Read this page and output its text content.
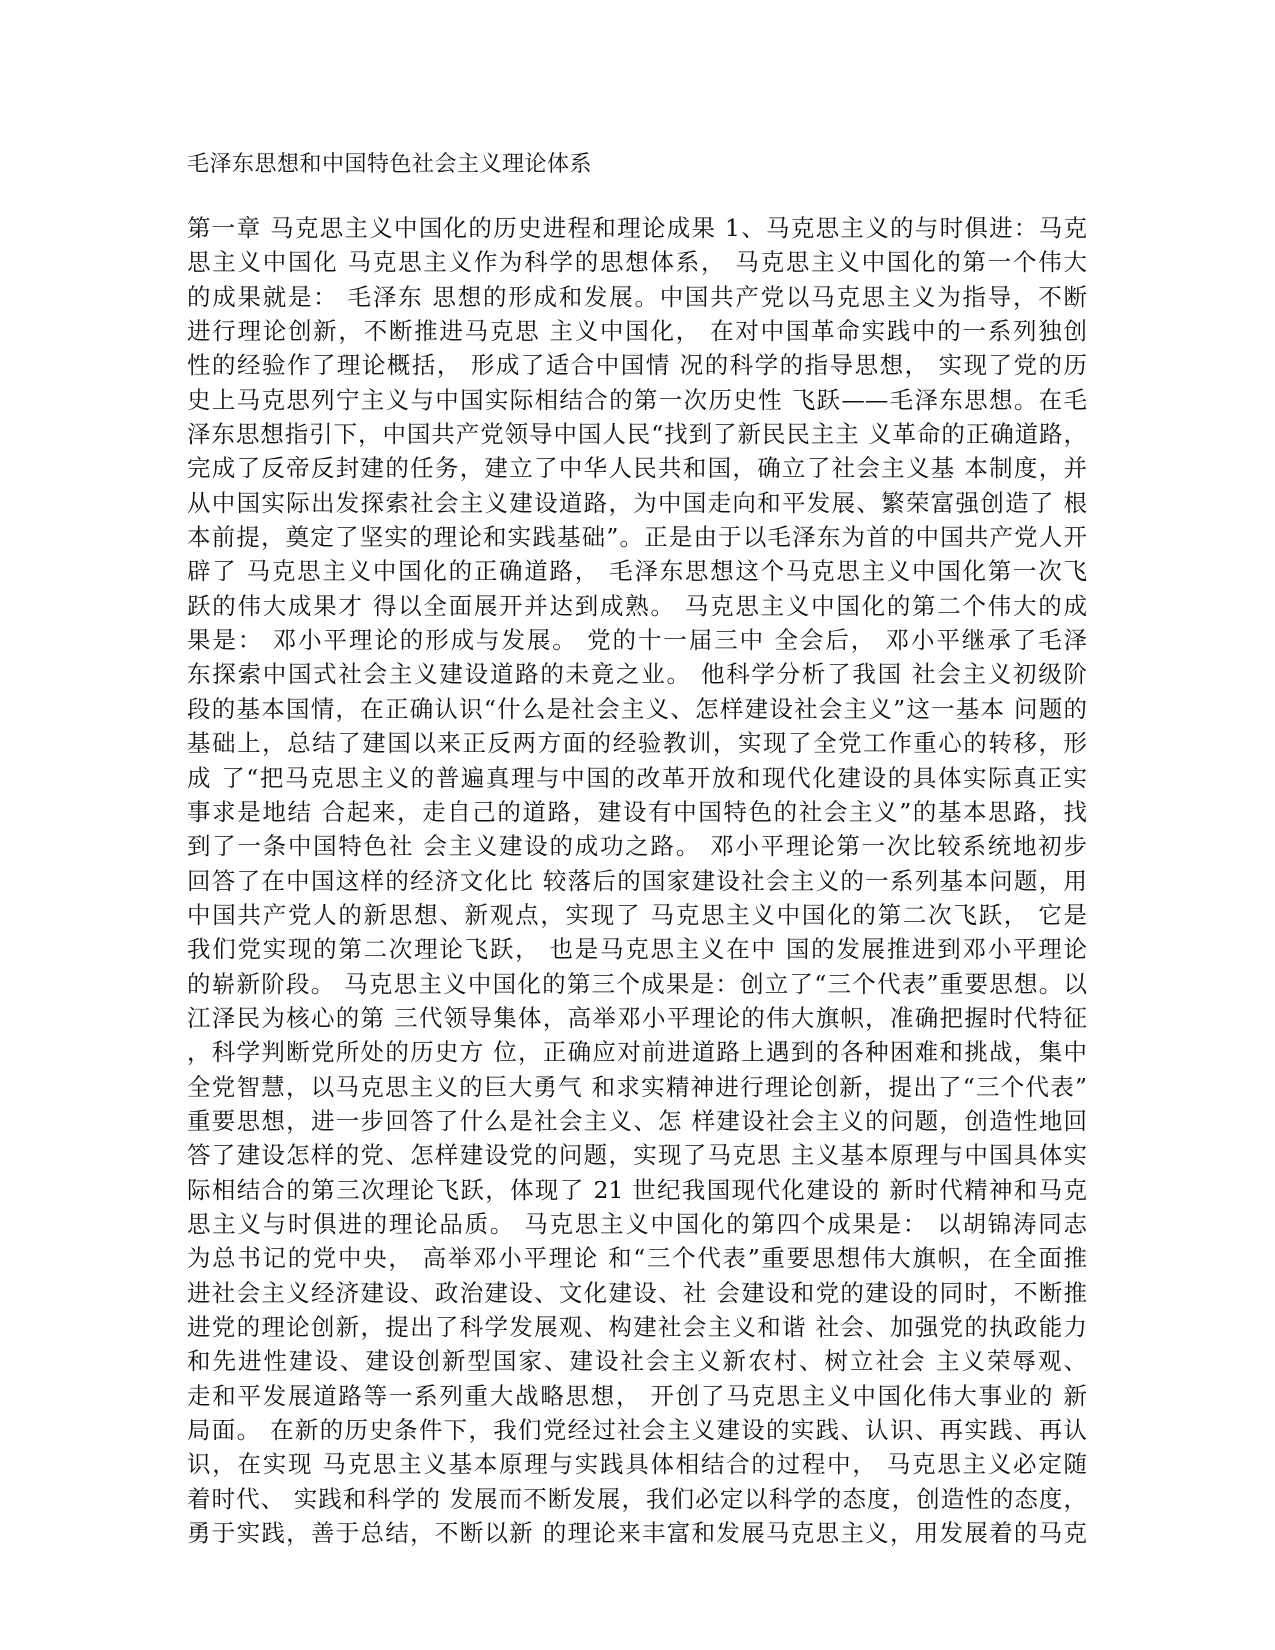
毛泽东思想和中国特色社会主义理论体系
第一章 马克思主义中国化的历史进程和理论成果 1、马克思主义的与时俱进：马克
思主义中国化 马克思主义作为科学的思想体系， 马克思主义中国化的第一个伟大
的成果就是： 毛泽东 思想的形成和发展。中国共产党以马克思主义为指导，不断
进行理论创新，不断推进马克思 主义中国化， 在对中国革命实践中的一系列独创
性的经验作了理论概括， 形成了适合中国情 况的科学的指导思想， 实现了党的历
史上马克思列宁主义与中国实际相结合的第一次历史性 飞跃——毛泽东思想。在毛
泽东思想指引下，中国共产党领导中国人民“找到了新民民主主 义革命的正确道路，
完成了反帝反封建的任务，建立了中华人民共和国，确立了社会主义基 本制度，并
从中国实际出发探索社会主义建设道路，为中国走向和平发展、繁荣富强创造了 根
本前提，奠定了坚实的理论和实践基础”。正是由于以毛泽东为首的中国共产党人开
辟了 马克思主义中国化的正确道路， 毛泽东思想这个马克思主义中国化第一次飞
跃的伟大成果才 得以全面展开并达到成熟。 马克思主义中国化的第二个伟大的成
果是： 邓小平理论的形成与发展。 党的十一届三中 全会后， 邓小平继承了毛泽
东探索中国式社会主义建设道路的未竟之业。 他科学分析了我国 社会主义初级阶
段的基本国情，在正确认识“什么是社会主义、怎样建设社会主义”这一基本 问题的
基础上，总结了建国以来正反两方面的经验教训，实现了全党工作重心的转移，形
成 了“把马克思主义的普遍真理与中国的改革开放和现代化建设的具体实际真正实
事求是地结 合起来，走自己的道路，建设有中国特色的社会主义”的基本思路，找
到了一条中国特色社 会主义建设的成功之路。 邓小平理论第一次比较系统地初步
回答了在中国这样的经济文化比 较落后的国家建设社会主义的一系列基本问题，用
中国共产党人的新思想、新观点，实现了 马克思主义中国化的第二次飞跃， 它是
我们党实现的第二次理论飞跃， 也是马克思主义在中 国的发展推进到邓小平理论
的崭新阶段。 马克思主义中国化的第三个成果是：创立了“三个代表”重要思想。以
江泽民为核心的第 三代领导集体，高举邓小平理论的伟大旗帜，准确把握时代特征
，科学判断党所处的历史方 位，正确应对前进道路上遇到的各种困难和挑战，集中
全党智慧，以马克思主义的巨大勇气 和求实精神进行理论创新，提出了“三个代表”
重要思想，进一步回答了什么是社会主义、怎 样建设社会主义的问题，创造性地回
答了建设怎样的党、怎样建设党的问题，实现了马克思 主义基本原理与中国具体实
际相结合的第三次理论飞跃，体现了 21 世纪我国现代化建设的 新时代精神和马克
思主义与时俱进的理论品质。 马克思主义中国化的第四个成果是： 以胡锦涛同志
为总书记的党中央， 高举邓小平理论 和“三个代表”重要思想伟大旗帜，在全面推
进社会主义经济建设、政治建设、文化建设、社 会建设和党的建设的同时，不断推
进党的理论创新，提出了科学发展观、构建社会主义和谐 社会、加强党的执政能力
和先进性建设、建设创新型国家、建设社会主义新农村、树立社会 主义荣辱观、
走和平发展道路等一系列重大战略思想， 开创了马克思主义中国化伟大事业的 新
局面。 在新的历史条件下，我们党经过社会主义建设的实践、认识、再实践、再认
识，在实现 马克思主义基本原理与实践具体相结合的过程中， 马克思主义必定随
着时代、 实践和科学的 发展而不断发展，我们必定以科学的态度，创造性的态度，
勇于实践，善于总结，不断以新 的理论来丰富和发展马克思主义，用发展着的马克
